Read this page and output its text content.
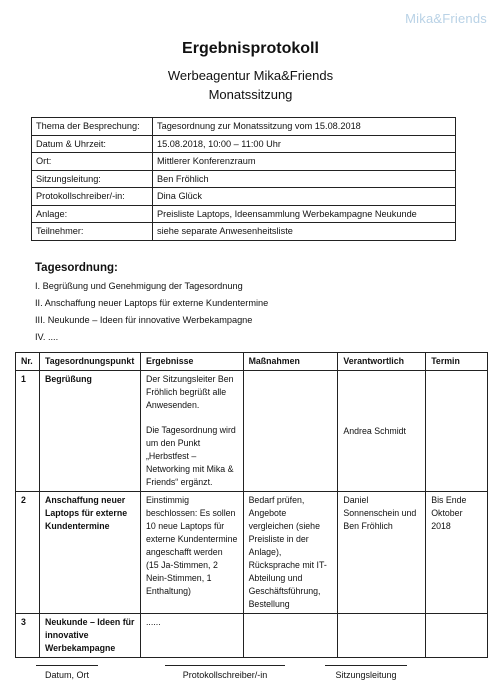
Mika&Friends
Ergebnisprotokoll
Werbeagentur Mika&Friends
Monatssitzung
Thema der Besprechung:	Tagesordnung zur Monatssitzung vom 15.08.2018
Datum & Uhrzeit:	15.08.2018, 10:00 – 11:00 Uhr
Ort:	Mittlerer Konferenzraum
Sitzungsleitung:	Ben Fröhlich
Protokollschreiber/-in:	Dina Glück
Anlage:	Preisliste Laptops, Ideensammlung Werbekampagne Neukunde
Teilnehmer:	siehe separate Anwesenheitsliste
Tagesordnung:
I. Begrüßung und Genehmigung der Tagesordnung
II. Anschaffung neuer Laptops für externe Kundentermine
III. Neukunde – Ideen für innovative Werbekampagne
IV. ....
Nr.	Tagesordnungspunkt	Ergebnisse	Maßnahmen	Verantwortlich	Termin
1	Begrüßung	Der Sitzungsleiter Ben Fröhlich begrüßt alle Anwesenden.
Die Tagesordnung wird um den Punkt „Herbstfest – Networking mit Mika & Friends“ ergänzt.		Andrea Schmidt	
2	Anschaffung neuer Laptops für externe Kundentermine	Einstimmig beschlossen: Es sollen 10 neue Laptops für externe Kundentermine angeschafft werden (15 Ja-Stimmen, 2 Nein-Stimmen, 1 Enthaltung)	Bedarf prüfen, Angebote vergleichen (siehe Preisliste in der Anlage), Rücksprache mit IT-Abteilung und Geschäftsführung, Bestellung	Daniel Sonnenschein und Ben Fröhlich	Bis Ende Oktober 2018
3	Neukunde – Ideen für innovative Werbekampagne	......			
Datum, Ort	Protokollschreiber/-in	Sitzungsleitung
